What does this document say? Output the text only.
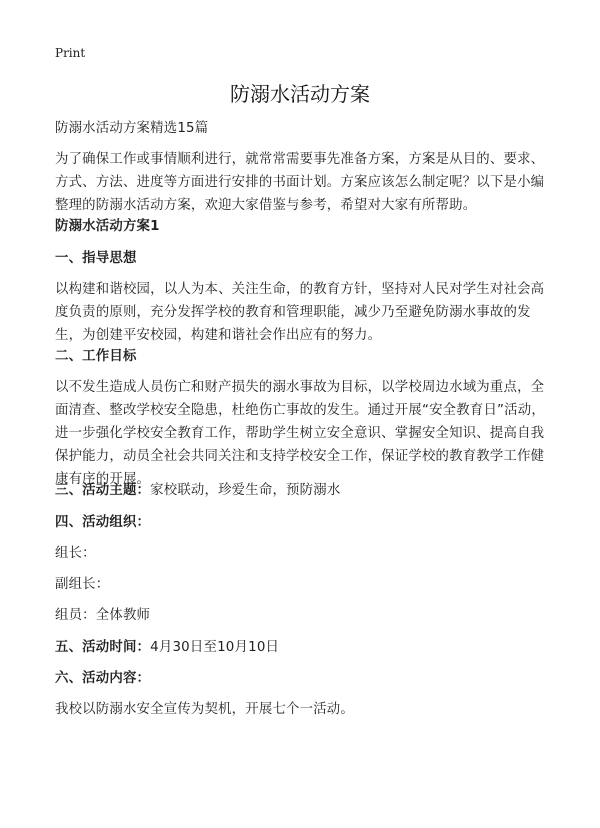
Print
防溺水活动方案
防溺水活动方案精选15篇
为了确保工作或事情顺利进行，就常常需要事先准备方案，方案是从目的、要求、方式、方法、进度等方面进行安排的书面计划。方案应该怎么制定呢？以下是小编整理的防溺水活动方案，欢迎大家借鉴与参考，希望对大家有所帮助。
防溺水活动方案1
一、指导思想
以构建和谐校园，以人为本、关注生命，的教育方针，坚持对人民对学生对社会高度负责的原则，充分发挥学校的教育和管理职能，减少乃至避免防溺水事故的发生，为创建平安校园，构建和谐社会作出应有的努力。
二、工作目标
以不发生造成人员伤亡和财产损失的溺水事故为目标，以学校周边水域为重点，全面清查、整改学校安全隐患，杜绝伤亡事故的发生。通过开展“安全教育日”活动，进一步强化学校安全教育工作，帮助学生树立安全意识、掌握安全知识、提高自我保护能力，动员全社会共同关注和支持学校安全工作，保证学校的教育教学工作健康有序的开展。
三、活动主题：家校联动，珍爱生命，预防溺水
四、活动组织：
组长：
副组长：
组员：全体教师
五、活动时间：4月30日至10月10日
六、活动内容：
我校以防溺水安全宣传为契机，开展七个一活动。
